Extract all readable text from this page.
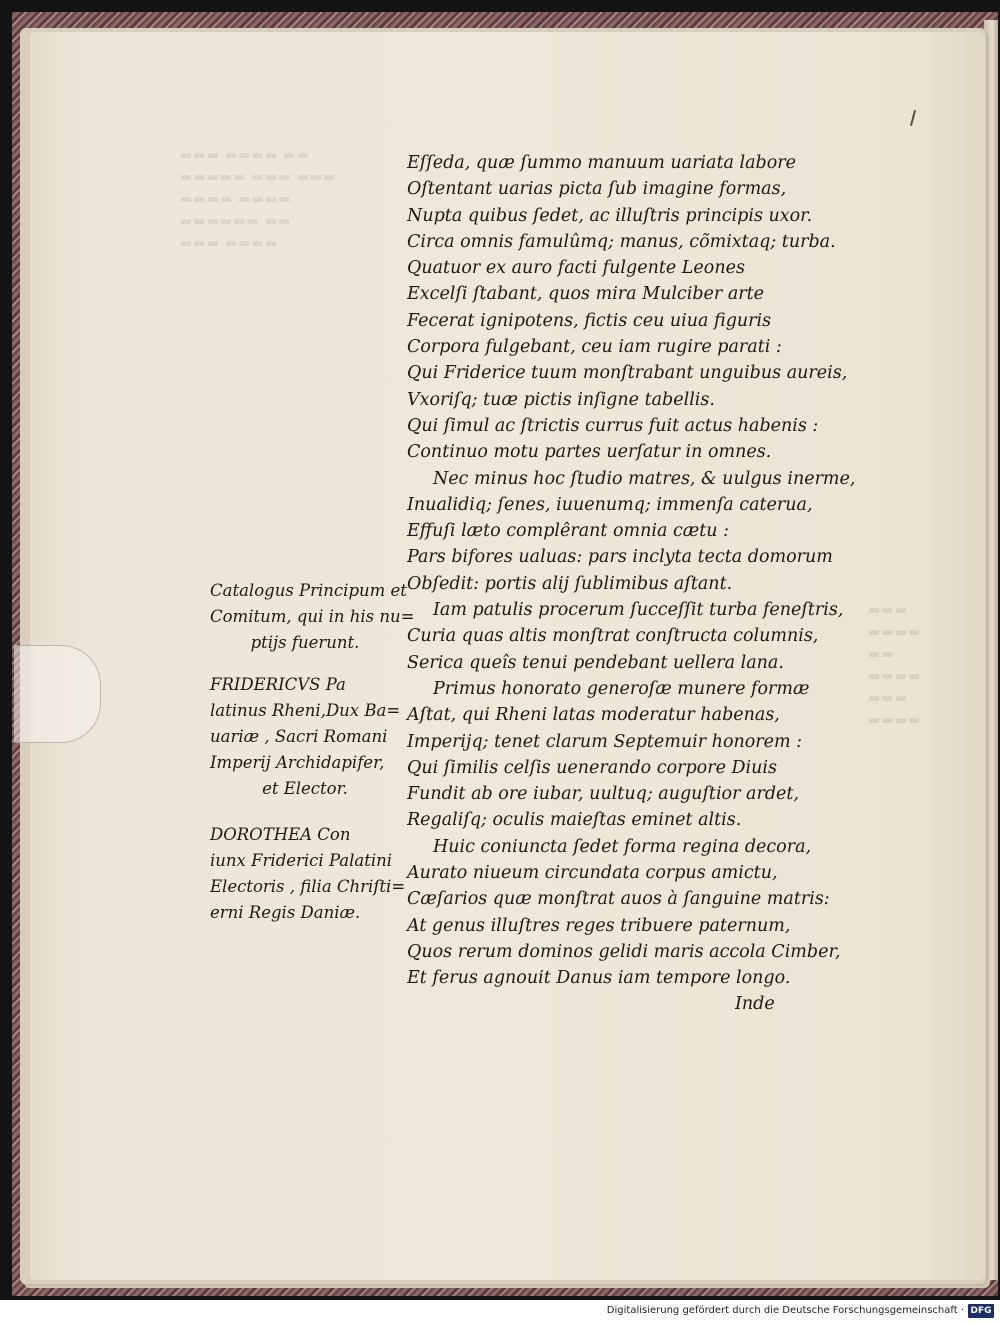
▬▬▬ ▬▬▬▬ ▬▬
▬▬▬▬▬ ▬▬▬ ▬▬▬
▬▬▬▬ ▬▬▬▬
▬▬▬▬▬▬ ▬▬
▬▬▬ ▬▬▬▬
▬▬▬
▬▬▬▬
▬▬
▬▬▬▬
▬▬▬
▬▬▬▬
Eſſeda, quæ ſummo manuum uariata labore
Oſtentant uarias picta ſub imagine formas,
Nupta quibus ſedet, ac illuſtris principis uxor.
Circa omnis famulûmq; manus, cõmixtaq; turba.
Quatuor ex auro facti fulgente Leones
Excelſi ſtabant, quos mira Mulciber arte
Fecerat ignipotens, fictis ceu uiua figuris
Corpora fulgebant, ceu iam rugire parati :
Qui Friderice tuum monſtrabant unguibus aureis,
Vxoriſq; tuæ pictis inſigne tabellis.
Qui ſimul ac ſtrictis currus fuit actus habenis :
Continuo motu partes uerſatur in omnes.
Nec minus hoc ſtudio matres, & uulgus inerme,
Inualidiq; ſenes, iuuenumq; immenſa caterua,
Effuſi læto complêrant omnia cætu :
Pars bifores ualuas: pars inclyta tecta domorum
Obſedit: portis alij ſublimibus aſtant.
Iam patulis procerum ſucceſſit turba feneſtris,
Curia quas altis monſtrat conſtructa columnis,
Serica queîs tenui pendebant uellera lana.
Primus honorato generoſæ munere formæ
Aſtat, qui Rheni latas moderatur habenas,
Imperijq; tenet clarum Septemuir honorem :
Qui ſimilis celſis uenerando corpore Diuis
Fundit ab ore iubar, uultuq; auguſtior ardet,
Regaliſq; oculis maieſtas eminet altis.
Huic coniuncta ſedet forma regina decora,
Aurato niueum circundata corpus amictu,
Cæſarios quæ monſtrat auos à ſanguine matris:
At genus illuſtres reges tribuere paternum,
Quos rerum dominos gelidi maris accola Cimber,
Et ferus agnouit Danus iam tempore longo.
Inde
Catalogus Principum et
Comitum, qui in his nu=
ptijs fuerunt.
FRIDERICVS Pa
latinus Rheni,Dux Ba=
uariæ , Sacri Romani
Imperij Archidapifer,
et Elector.
DOROTHEA Con
iunx Friderici Palatini
Electoris , filia Chriſti=
erni Regis Daniæ.
Digitalisierung gefördert durch die Deutsche Forschungsgemeinschaft · DFG
